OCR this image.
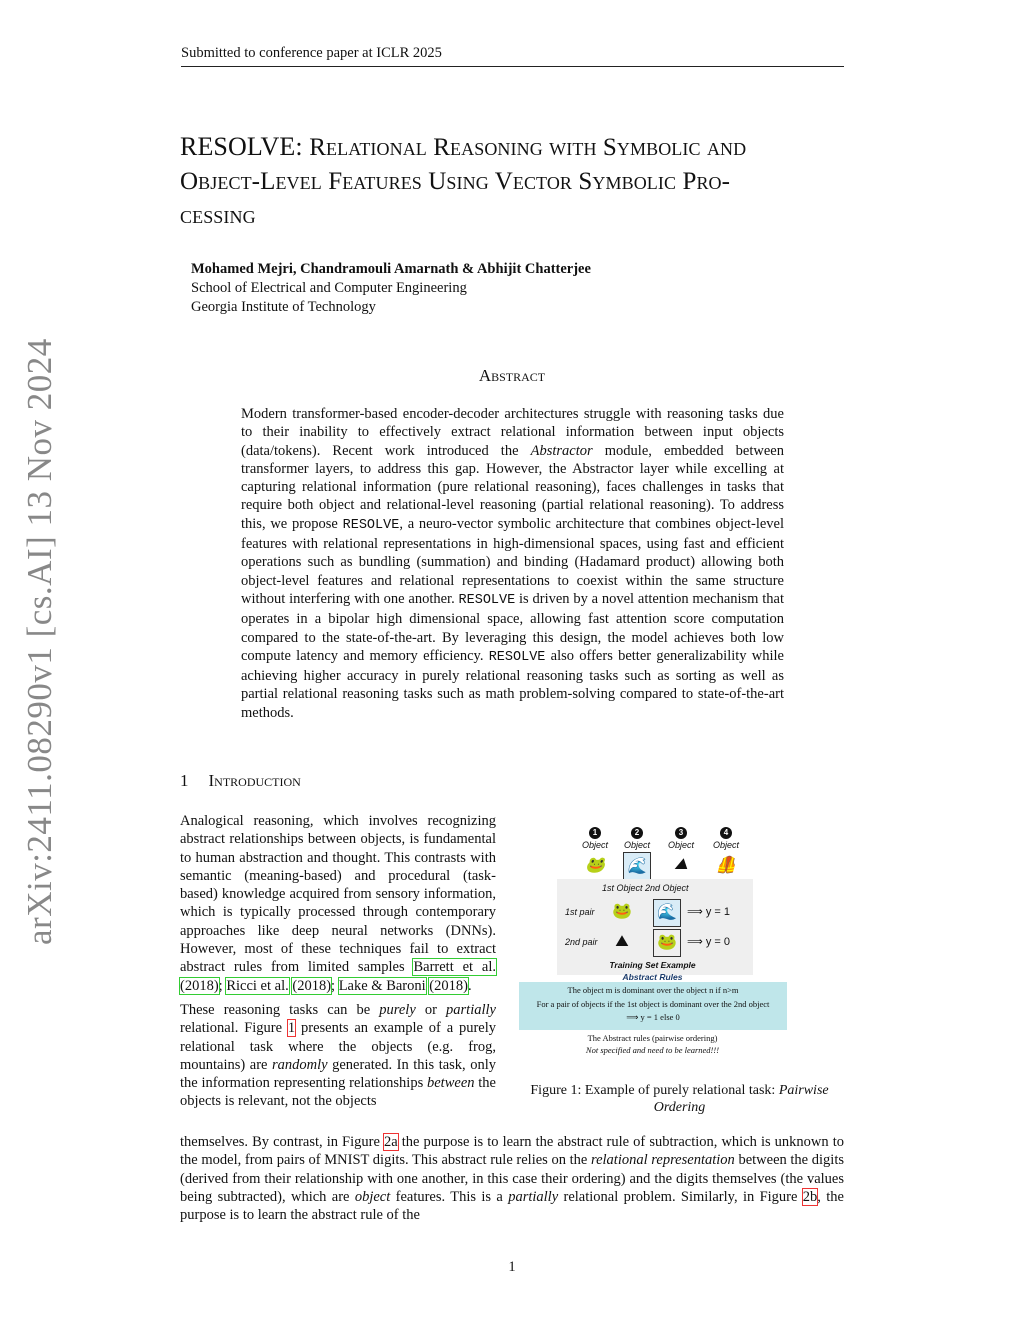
Submitted to conference paper at ICLR 2025
RESOLVE: Relational Reasoning with Symbolic and
Object-Level Features Using Vector Symbolic Pro-
cessing
Mohamed Mejri, Chandramouli Amarnath & Abhijit Chatterjee
School of Electrical and Computer Engineering
Georgia Institute of Technology
arXiv:2411.08290v1 [cs.AI] 13 Nov 2024	Abstract
Modern transformer-based encoder-decoder architectures struggle with reasoning tasks due to their inability to effectively extract relational information between input objects (data/tokens). Recent work introduced the Abstractor module, embedded between transformer layers, to address this gap. However, the Abstractor layer while excelling at capturing relational information (pure relational reasoning), faces challenges in tasks that require both object and relational-level reasoning (partial relational reasoning). To address this, we propose RESOLVE, a neuro-vector symbolic architecture that combines object-level features with relational representations in high-dimensional spaces, using fast and efficient operations such as bundling (summation) and binding (Hadamard product) allowing both object-level features and relational representations to coexist within the same structure without interfering with one another. RESOLVE is driven by a novel attention mechanism that operates in a bipolar high dimensional space, allowing fast attention score computation compared to the state-of-the-art. By leveraging this design, the model achieves both low compute latency and memory efficiency. RESOLVE also offers better generalizability while achieving higher accuracy in purely relational reasoning tasks such as sorting as well as partial relational reasoning tasks such as math problem-solving compared to state-of-the-art methods.
1 Introduction

Analogical reasoning, which involves recognizing abstract relationships between objects, is fundamental to human abstraction and thought. This contrasts with semantic (meaning-based) and procedural (task-based) knowledge acquired from sensory information, which is typically processed through contemporary approaches like deep neural networks (DNNs). However, most of these techniques fail to extract abstract rules from limited samples Barrett et al. (2018); Ricci et al. (2018); Lake & Baroni (2018).

These reasoning tasks can be purely or partially relational. Figure 1 presents an example of a purely relational task where the objects (e.g. frog, mountains) are randomly generated. In this task, only the information representing relationships between the objects is relevant, not the objects

themselves. By contrast, in Figure 2a the purpose is to learn the abstract rule of subtraction, which is unknown to the model, from pairs of MNIST digits. This abstract rule relies on the relational representation between the digits (derived from their relationship with one another, in this case their ordering) and the digits themselves (the values being subtracted), which are object features. This is a partially relational problem. Similarly, in Figure 2b, the purpose is to learn the abstract rule of the
1
Object
🐸
2
Object
🌊
3
Object
⛰
4
Object
🦺
1st Object 2nd Object
1st pair 🐸 🌊 ⟹ y = 1
2nd pair	⛰	🐸 ⟹ y = 0
Training Set Example
Abstract Rules
The object m is dominant over the object n if n>m
For a pair of objects if the 1st object is dominant over the 2nd object
⟹ y = 1 else 0
The Abstract rules (pairwise ordering)
Not specified and need to be learned!!!
Figure 1: Example of purely relational task: Pairwise Ordering
1
